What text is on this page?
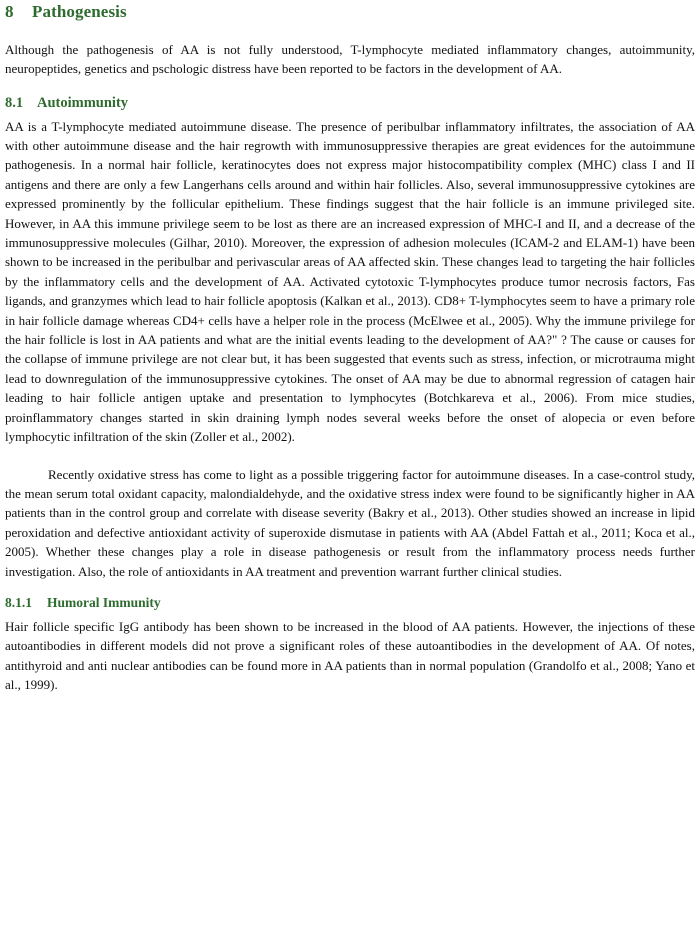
8 Pathogenesis

Although the pathogenesis of AA is not fully understood, T-lymphocyte mediated inflammatory changes, autoimmunity, neuropeptides, genetics and pschologic distress have been reported to be factors in the development of AA.

8.1 Autoimmunity

AA is a T-lymphocyte mediated autoimmune disease. The presence of peribulbar inflammatory infiltrates, the association of AA with other autoimmune disease and the hair regrowth with immunosuppressive therapies are great evidences for the autoimmune pathogenesis. In a normal hair follicle, keratinocytes does not express major histocompatibility complex (MHC) class I and II antigens and there are only a few Langerhans cells around and within hair follicles. Also, several immunosuppressive cytokines are expressed prominently by the follicular epithelium. These findings suggest that the hair follicle is an immune privileged site. However, in AA this immune privilege seem to be lost as there are an increased expression of MHC-I and II, and a decrease of the immunosuppressive molecules (Gilhar, 2010). Moreover, the expression of adhesion molecules (ICAM-2 and ELAM-1) have been shown to be increased in the peribulbar and perivascular areas of AA affected skin. These changes lead to targeting the hair follicles by the inflammatory cells and the development of AA. Activated cytotoxic T-lymphocytes produce tumor necrosis factors, Fas ligands, and granzymes which lead to hair follicle apoptosis (Kalkan et al., 2013). CD8+ T-lymphocytes seem to have a primary role in hair follicle damage whereas CD4+ cells have a helper role in the process (McElwee et al., 2005). Why the immune privilege for the hair follicle is lost in AA patients and what are the initial events leading to the development of AA?" ? The cause or causes for the collapse of immune privilege are not clear but, it has been suggested that events such as stress, infection, or microtrauma might lead to downregulation of the immunosuppressive cytokines. The onset of AA may be due to abnormal regression of catagen hair leading to hair follicle antigen uptake and presentation to lymphocytes (Botchkareva et al., 2006). From mice studies, proinflammatory changes started in skin draining lymph nodes several weeks before the onset of alopecia or even before lymphocytic infiltration of the skin (Zoller et al., 2002).

Recently oxidative stress has come to light as a possible triggering factor for autoimmune diseases. In a case-control study, the mean serum total oxidant capacity, malondialdehyde, and the oxidative stress index were found to be significantly higher in AA patients than in the control group and correlate with disease severity (Bakry et al., 2013). Other studies showed an increase in lipid peroxidation and defective antioxidant activity of superoxide dismutase in patients with AA (Abdel Fattah et al., 2011; Koca et al., 2005). Whether these changes play a role in disease pathogenesis or result from the inflammatory process needs further investigation. Also, the role of antioxidants in AA treatment and prevention warrant further clinical studies.

8.1.1 Humoral Immunity

Hair follicle specific IgG antibody has been shown to be increased in the blood of AA patients. However, the injections of these autoantibodies in different models did not prove a significant roles of these autoantibodies in the development of AA. Of notes, antithyroid and anti nuclear antibodies can be found more in AA patients than in normal population (Grandolfo et al., 2008; Yano et al., 1999).
